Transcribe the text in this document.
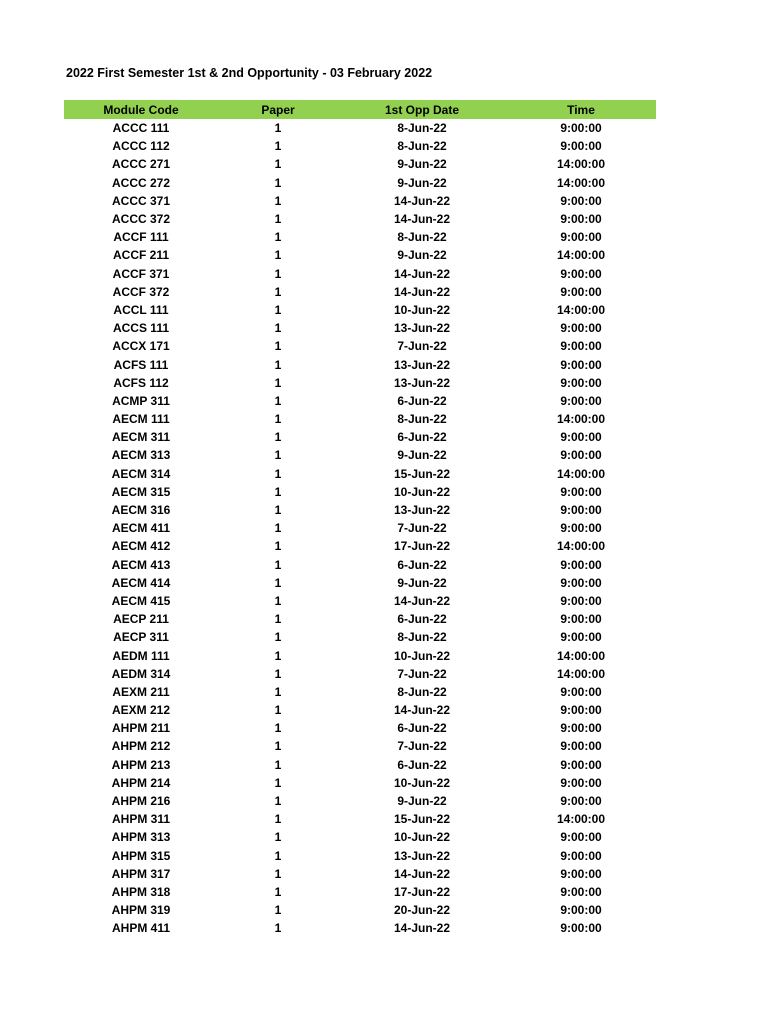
2022 First Semester 1st & 2nd Opportunity - 03 February 2022
Module Code	Paper	1st Opp Date	Time
ACCC 111	1	8-Jun-22	9:00:00
ACCC 112	1	8-Jun-22	9:00:00
ACCC 271	1	9-Jun-22	14:00:00
ACCC 272	1	9-Jun-22	14:00:00
ACCC 371	1	14-Jun-22	9:00:00
ACCC 372	1	14-Jun-22	9:00:00
ACCF 111	1	8-Jun-22	9:00:00
ACCF 211	1	9-Jun-22	14:00:00
ACCF 371	1	14-Jun-22	9:00:00
ACCF 372	1	14-Jun-22	9:00:00
ACCL 111	1	10-Jun-22	14:00:00
ACCS 111	1	13-Jun-22	9:00:00
ACCX 171	1	7-Jun-22	9:00:00
ACFS 111	1	13-Jun-22	9:00:00
ACFS 112	1	13-Jun-22	9:00:00
ACMP 311	1	6-Jun-22	9:00:00
AECM 111	1	8-Jun-22	14:00:00
AECM 311	1	6-Jun-22	9:00:00
AECM 313	1	9-Jun-22	9:00:00
AECM 314	1	15-Jun-22	14:00:00
AECM 315	1	10-Jun-22	9:00:00
AECM 316	1	13-Jun-22	9:00:00
AECM 411	1	7-Jun-22	9:00:00
AECM 412	1	17-Jun-22	14:00:00
AECM 413	1	6-Jun-22	9:00:00
AECM 414	1	9-Jun-22	9:00:00
AECM 415	1	14-Jun-22	9:00:00
AECP 211	1	6-Jun-22	9:00:00
AECP 311	1	8-Jun-22	9:00:00
AEDM 111	1	10-Jun-22	14:00:00
AEDM 314	1	7-Jun-22	14:00:00
AEXM 211	1	8-Jun-22	9:00:00
AEXM 212	1	14-Jun-22	9:00:00
AHPM 211	1	6-Jun-22	9:00:00
AHPM 212	1	7-Jun-22	9:00:00
AHPM 213	1	6-Jun-22	9:00:00
AHPM 214	1	10-Jun-22	9:00:00
AHPM 216	1	9-Jun-22	9:00:00
AHPM 311	1	15-Jun-22	14:00:00
AHPM 313	1	10-Jun-22	9:00:00
AHPM 315	1	13-Jun-22	9:00:00
AHPM 317	1	14-Jun-22	9:00:00
AHPM 318	1	17-Jun-22	9:00:00
AHPM 319	1	20-Jun-22	9:00:00
AHPM 411	1	14-Jun-22	9:00:00
